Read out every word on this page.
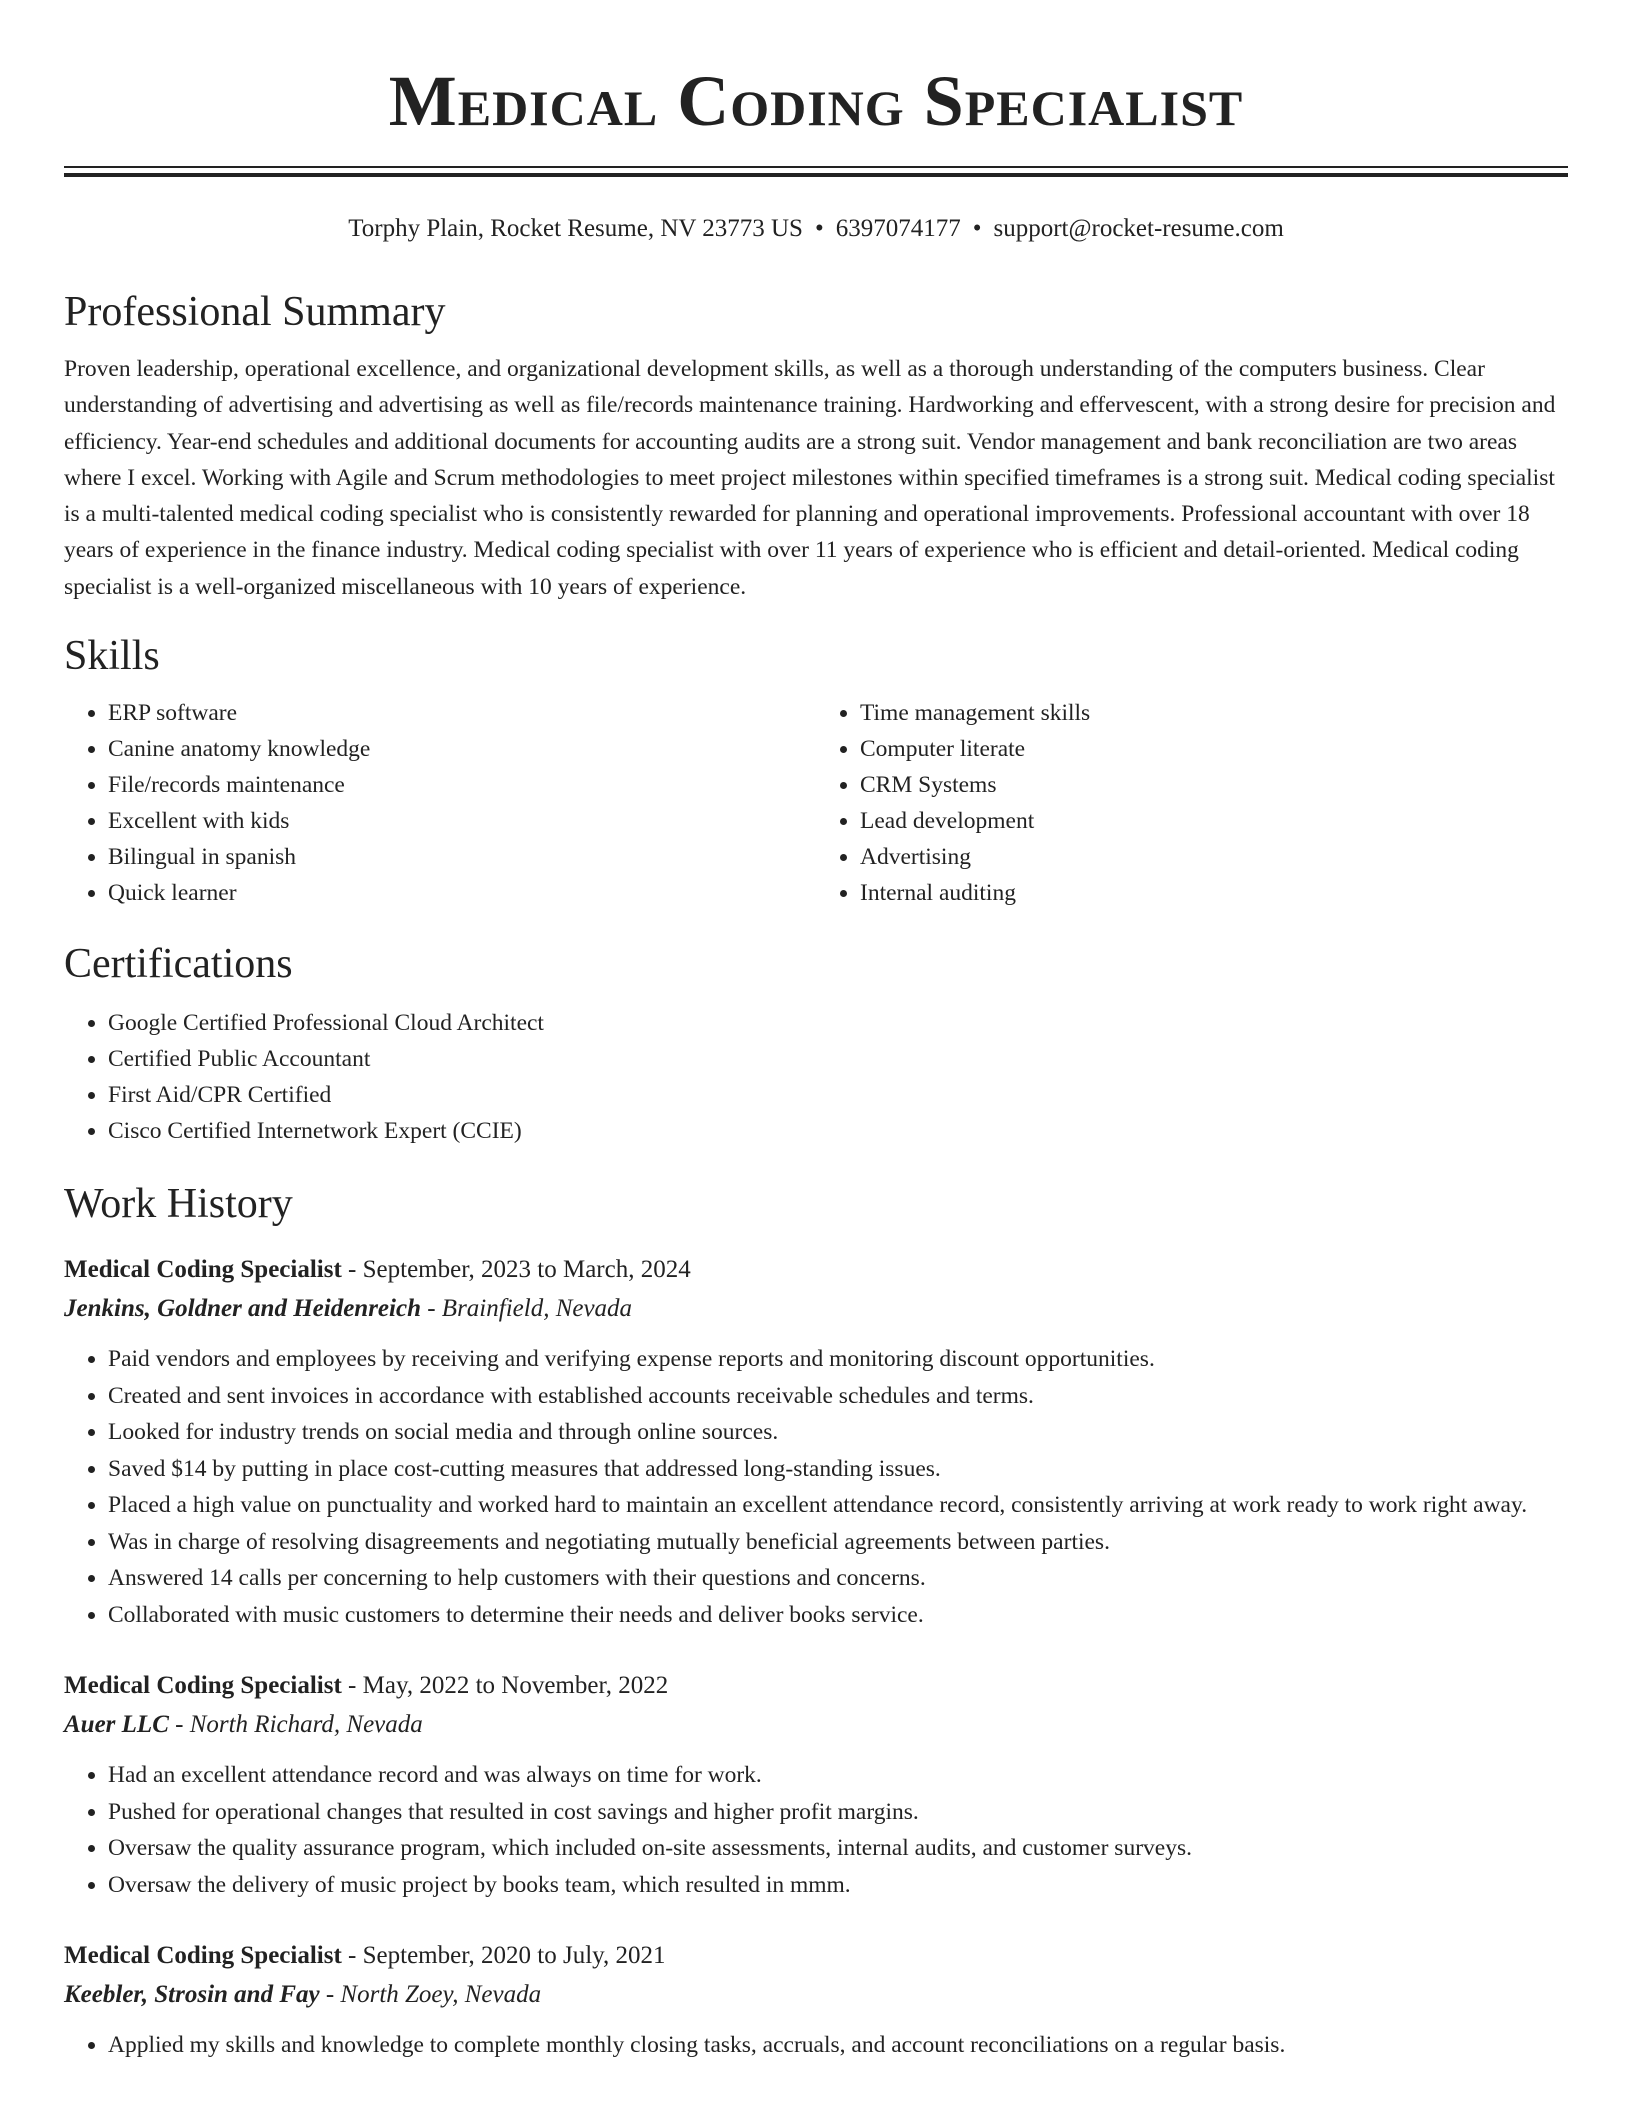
Medical Coding Specialist
Torphy Plain, Rocket Resume, NV 23773 US • 6397074177 • support@rocket-resume.com
Professional Summary
Proven leadership, operational excellence, and organizational development skills, as well as a thorough understanding of the computers business. Clear understanding of advertising and advertising as well as file/records maintenance training. Hardworking and effervescent, with a strong desire for precision and efficiency. Year-end schedules and additional documents for accounting audits are a strong suit. Vendor management and bank reconciliation are two areas where I excel. Working with Agile and Scrum methodologies to meet project milestones within specified timeframes is a strong suit. Medical coding specialist is a multi-talented medical coding specialist who is consistently rewarded for planning and operational improvements. Professional accountant with over 18 years of experience in the finance industry. Medical coding specialist with over 11 years of experience who is efficient and detail-oriented. Medical coding specialist is a well-organized miscellaneous with 10 years of experience.
Skills
• ERP software
• Canine anatomy knowledge
• File/records maintenance
• Excellent with kids
• Bilingual in spanish
• Quick learner
• Time management skills
• Computer literate
• CRM Systems
• Lead development
• Advertising
• Internal auditing
Certifications
• Google Certified Professional Cloud Architect
• Certified Public Accountant
• First Aid/CPR Certified
• Cisco Certified Internetwork Expert (CCIE)
Work History
Medical Coding Specialist - September, 2023 to March, 2024
Jenkins, Goldner and Heidenreich - Brainfield, Nevada
• Paid vendors and employees by receiving and verifying expense reports and monitoring discount opportunities.
• Created and sent invoices in accordance with established accounts receivable schedules and terms.
• Looked for industry trends on social media and through online sources.
• Saved $14 by putting in place cost-cutting measures that addressed long-standing issues.
• Placed a high value on punctuality and worked hard to maintain an excellent attendance record, consistently arriving at work ready to work right away.
• Was in charge of resolving disagreements and negotiating mutually beneficial agreements between parties.
• Answered 14 calls per concerning to help customers with their questions and concerns.
• Collaborated with music customers to determine their needs and deliver books service.
Medical Coding Specialist - May, 2022 to November, 2022
Auer LLC - North Richard, Nevada
• Had an excellent attendance record and was always on time for work.
• Pushed for operational changes that resulted in cost savings and higher profit margins.
• Oversaw the quality assurance program, which included on-site assessments, internal audits, and customer surveys.
• Oversaw the delivery of music project by books team, which resulted in mmm.
Medical Coding Specialist - September, 2020 to July, 2021
Keebler, Strosin and Fay - North Zoey, Nevada
• Applied my skills and knowledge to complete monthly closing tasks, accruals, and account reconciliations on a regular basis.
